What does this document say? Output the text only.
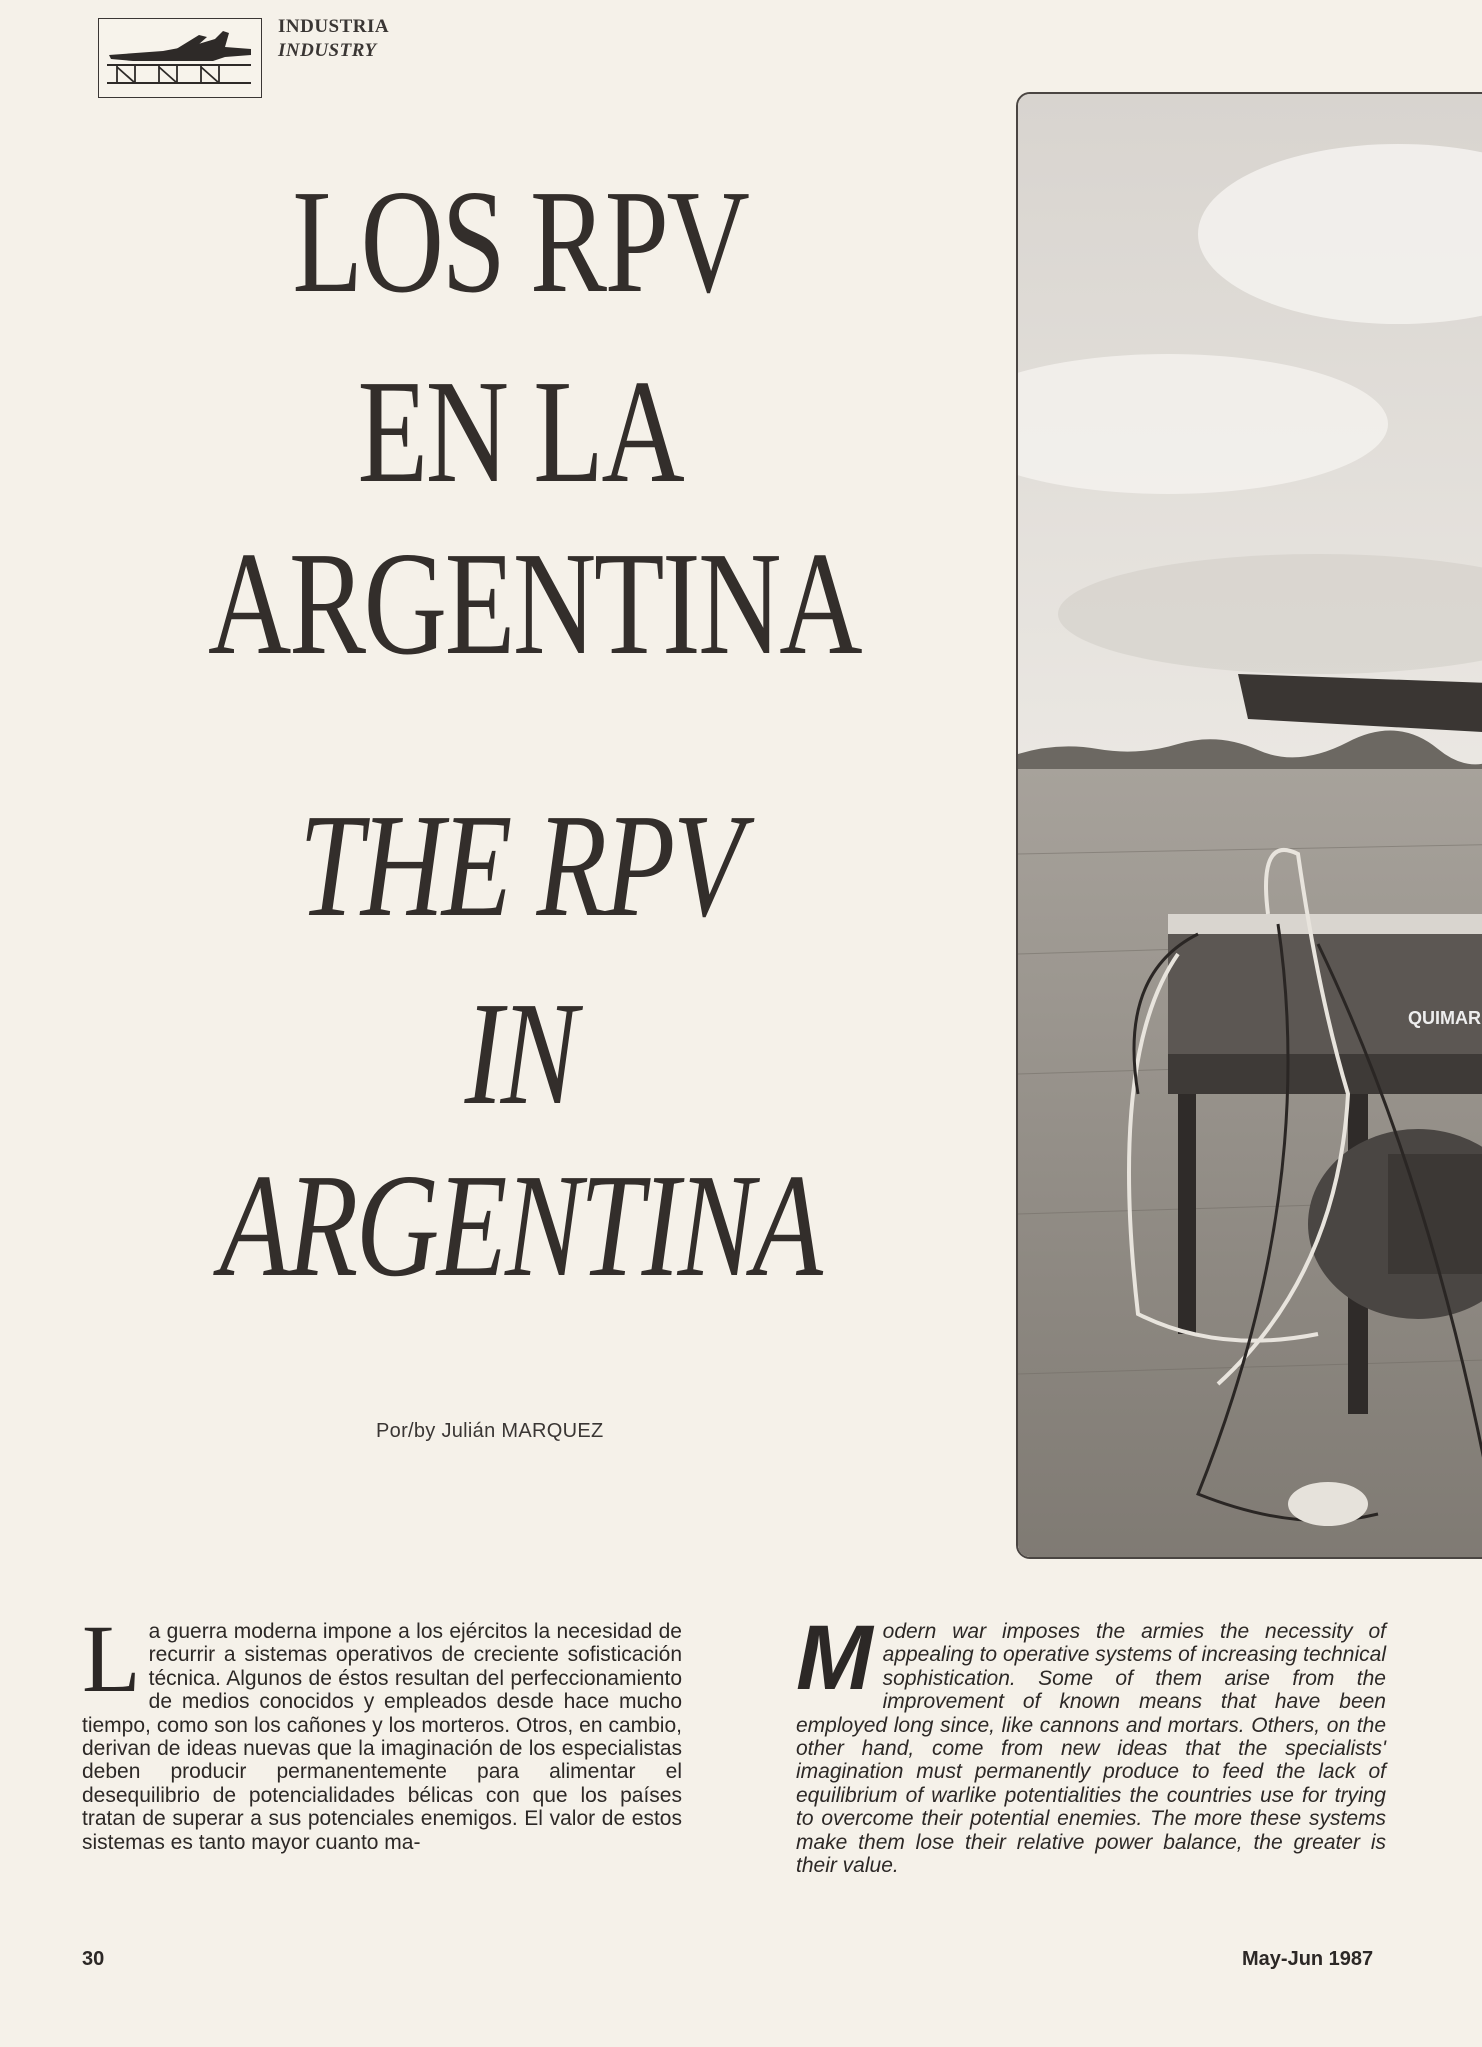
INDUSTRIA
INDUSTRY
LOS RPV
EN LA
ARGENTINA
THE RPV
IN
ARGENTINA
Por/by Julián MARQUEZ
QUIMAR
L a guerra moderna impone a los ejércitos la necesidad de recurrir a sistemas operativos de creciente sofisticación técnica. Algunos de éstos resultan del perfeccionamiento de medios conocidos y empleados desde hace mucho tiempo, como son los cañones y los morteros. Otros, en cambio, derivan de ideas nuevas que la imaginación de los especialistas deben producir permanentemente para alimentar el desequilibrio de potencialidades bélicas con que los países tratan de superar a sus potenciales enemigos. El valor de estos sistemas es tanto mayor cuanto ma-
M odern war imposes the armies the necessity of appealing to operative systems of increasing technical sophistication. Some of them arise from the improvement of known means that have been employed long since, like cannons and mortars. Others, on the other hand, come from new ideas that the specialists' imagination must permanently produce to feed the lack of equilibrium of warlike potentialities the countries use for trying to overcome their potential enemies. The more these systems make them lose their relative power balance, the greater is their value.
30	May-Jun 1987
